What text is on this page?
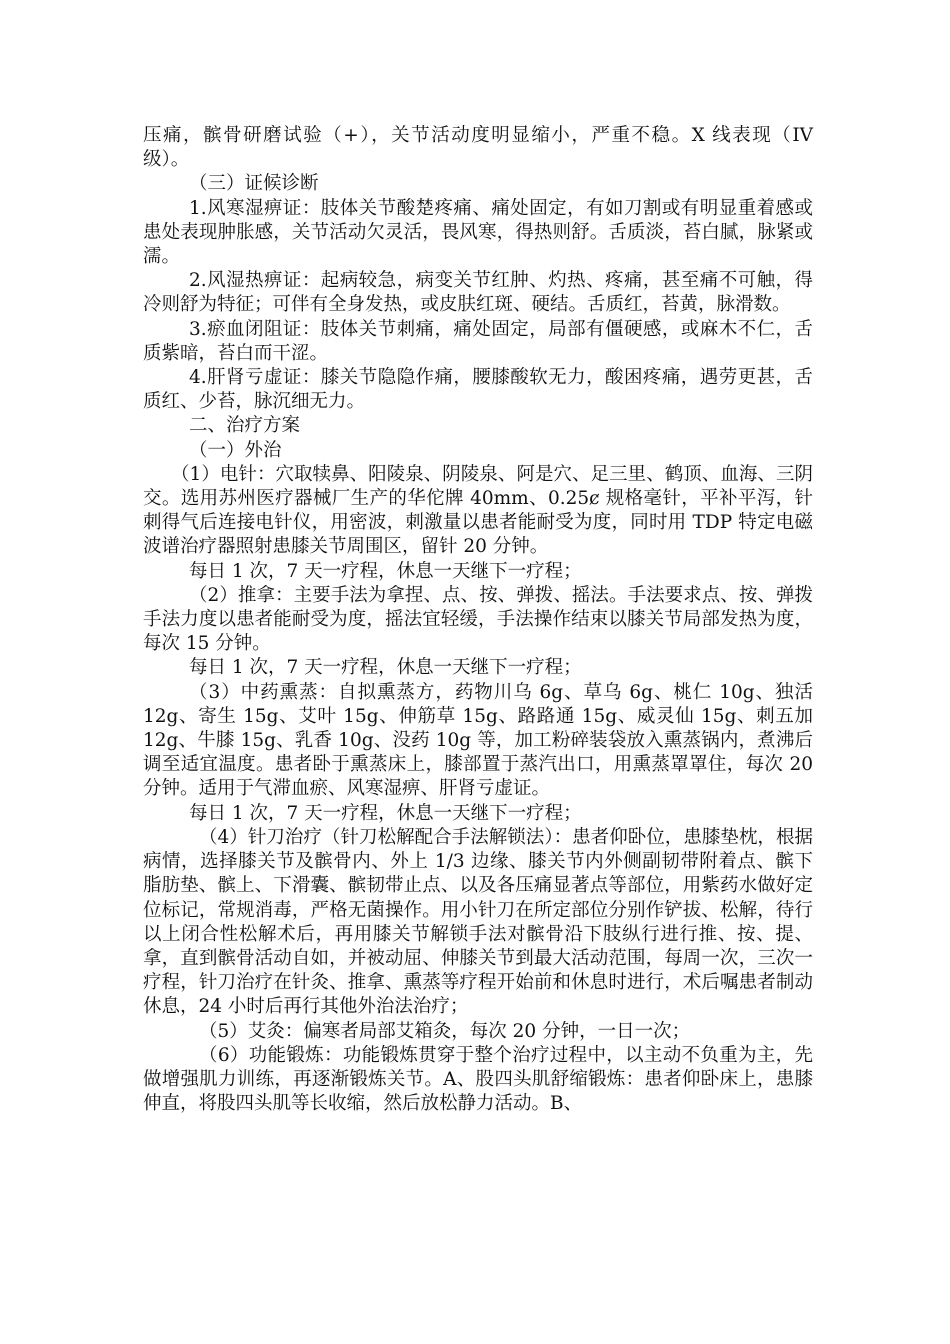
压痛，髌骨研磨试验（+），关节活动度明显缩小，严重不稳。X 线表现（IV 级）。

（三）证候诊断

1.风寒湿痹证：肢体关节酸楚疼痛、痛处固定，有如刀割或有明显重着感或患处表现肿胀感，关节活动欠灵活，畏风寒，得热则舒。舌质淡，苔白腻，脉紧或濡。

2.风湿热痹证：起病较急，病变关节红肿、灼热、疼痛，甚至痛不可触，得冷则舒为特征；可伴有全身发热，或皮肤红斑、硬结。舌质红，苔黄，脉滑数。

3.瘀血闭阻证：肢体关节刺痛，痛处固定，局部有僵硬感，或麻木不仁，舌质紫暗，苔白而干涩。

4.肝肾亏虚证：膝关节隐隐作痛，腰膝酸软无力，酸困疼痛，遇劳更甚，舌质红、少苔，脉沉细无力。

二、治疗方案

（一）外治

（1）电针：穴取犊鼻、阳陵泉、阴陵泉、阿是穴、足三里、鹤顶、血海、三阴交。选用苏州医疗器械厂生产的华佗牌 40mm、0.25ȼ 规格毫针，平补平泻，针刺得气后连接电针仪，用密波，刺激量以患者能耐受为度，同时用 TDP 特定电磁波谱治疗器照射患膝关节周围区，留针 20 分钟。

每日 1 次，7 天一疗程，休息一天继下一疗程；

（2）推拿：主要手法为拿捏、点、按、弹拨、摇法。手法要求点、按、弹拨手法力度以患者能耐受为度，摇法宜轻缓，手法操作结束以膝关节局部发热为度，每次 15 分钟。

每日 1 次，7 天一疗程，休息一天继下一疗程；

（3）中药熏蒸：自拟熏蒸方，药物川乌 6g、草乌 6g、桃仁 10g、独活 12g、寄生 15g、艾叶 15g、伸筋草 15g、路路通 15g、威灵仙 15g、刺五加 12g、牛膝 15g、乳香 10g、没药 10g 等，加工粉碎装袋放入熏蒸锅内，煮沸后调至适宜温度。患者卧于熏蒸床上，膝部置于蒸汽出口，用熏蒸罩罩住，每次 20 分钟。适用于气滞血瘀、风寒湿痹、肝肾亏虚证。

每日 1 次，7 天一疗程，休息一天继下一疗程；

（4）针刀治疗（针刀松解配合手法解锁法）：患者仰卧位，患膝垫枕，根据病情，选择膝关节及髌骨内、外上 1/3 边缘、膝关节内外侧副韧带附着点、髌下脂肪垫、髌上、下滑囊、髌韧带止点、以及各压痛显著点等部位，用紫药水做好定位标记，常规消毒，严格无菌操作。用小针刀在所定部位分别作铲拔、松解，待行以上闭合性松解术后，再用膝关节解锁手法对髌骨沿下肢纵行进行推、按、提、拿，直到髌骨活动自如，并被动屈、伸膝关节到最大活动范围，每周一次，三次一疗程，针刀治疗在针灸、推拿、熏蒸等疗程开始前和休息时进行，术后嘱患者制动休息，24 小时后再行其他外治法治疗；

（5）艾灸：偏寒者局部艾箱灸，每次 20 分钟，一日一次；

（6）功能锻炼：功能锻炼贯穿于整个治疗过程中，以主动不负重为主，先做增强肌力训练，再逐渐锻炼关节。A、股四头肌舒缩锻炼：患者仰卧床上，患膝伸直，将股四头肌等长收缩，然后放松静力活动。B、
